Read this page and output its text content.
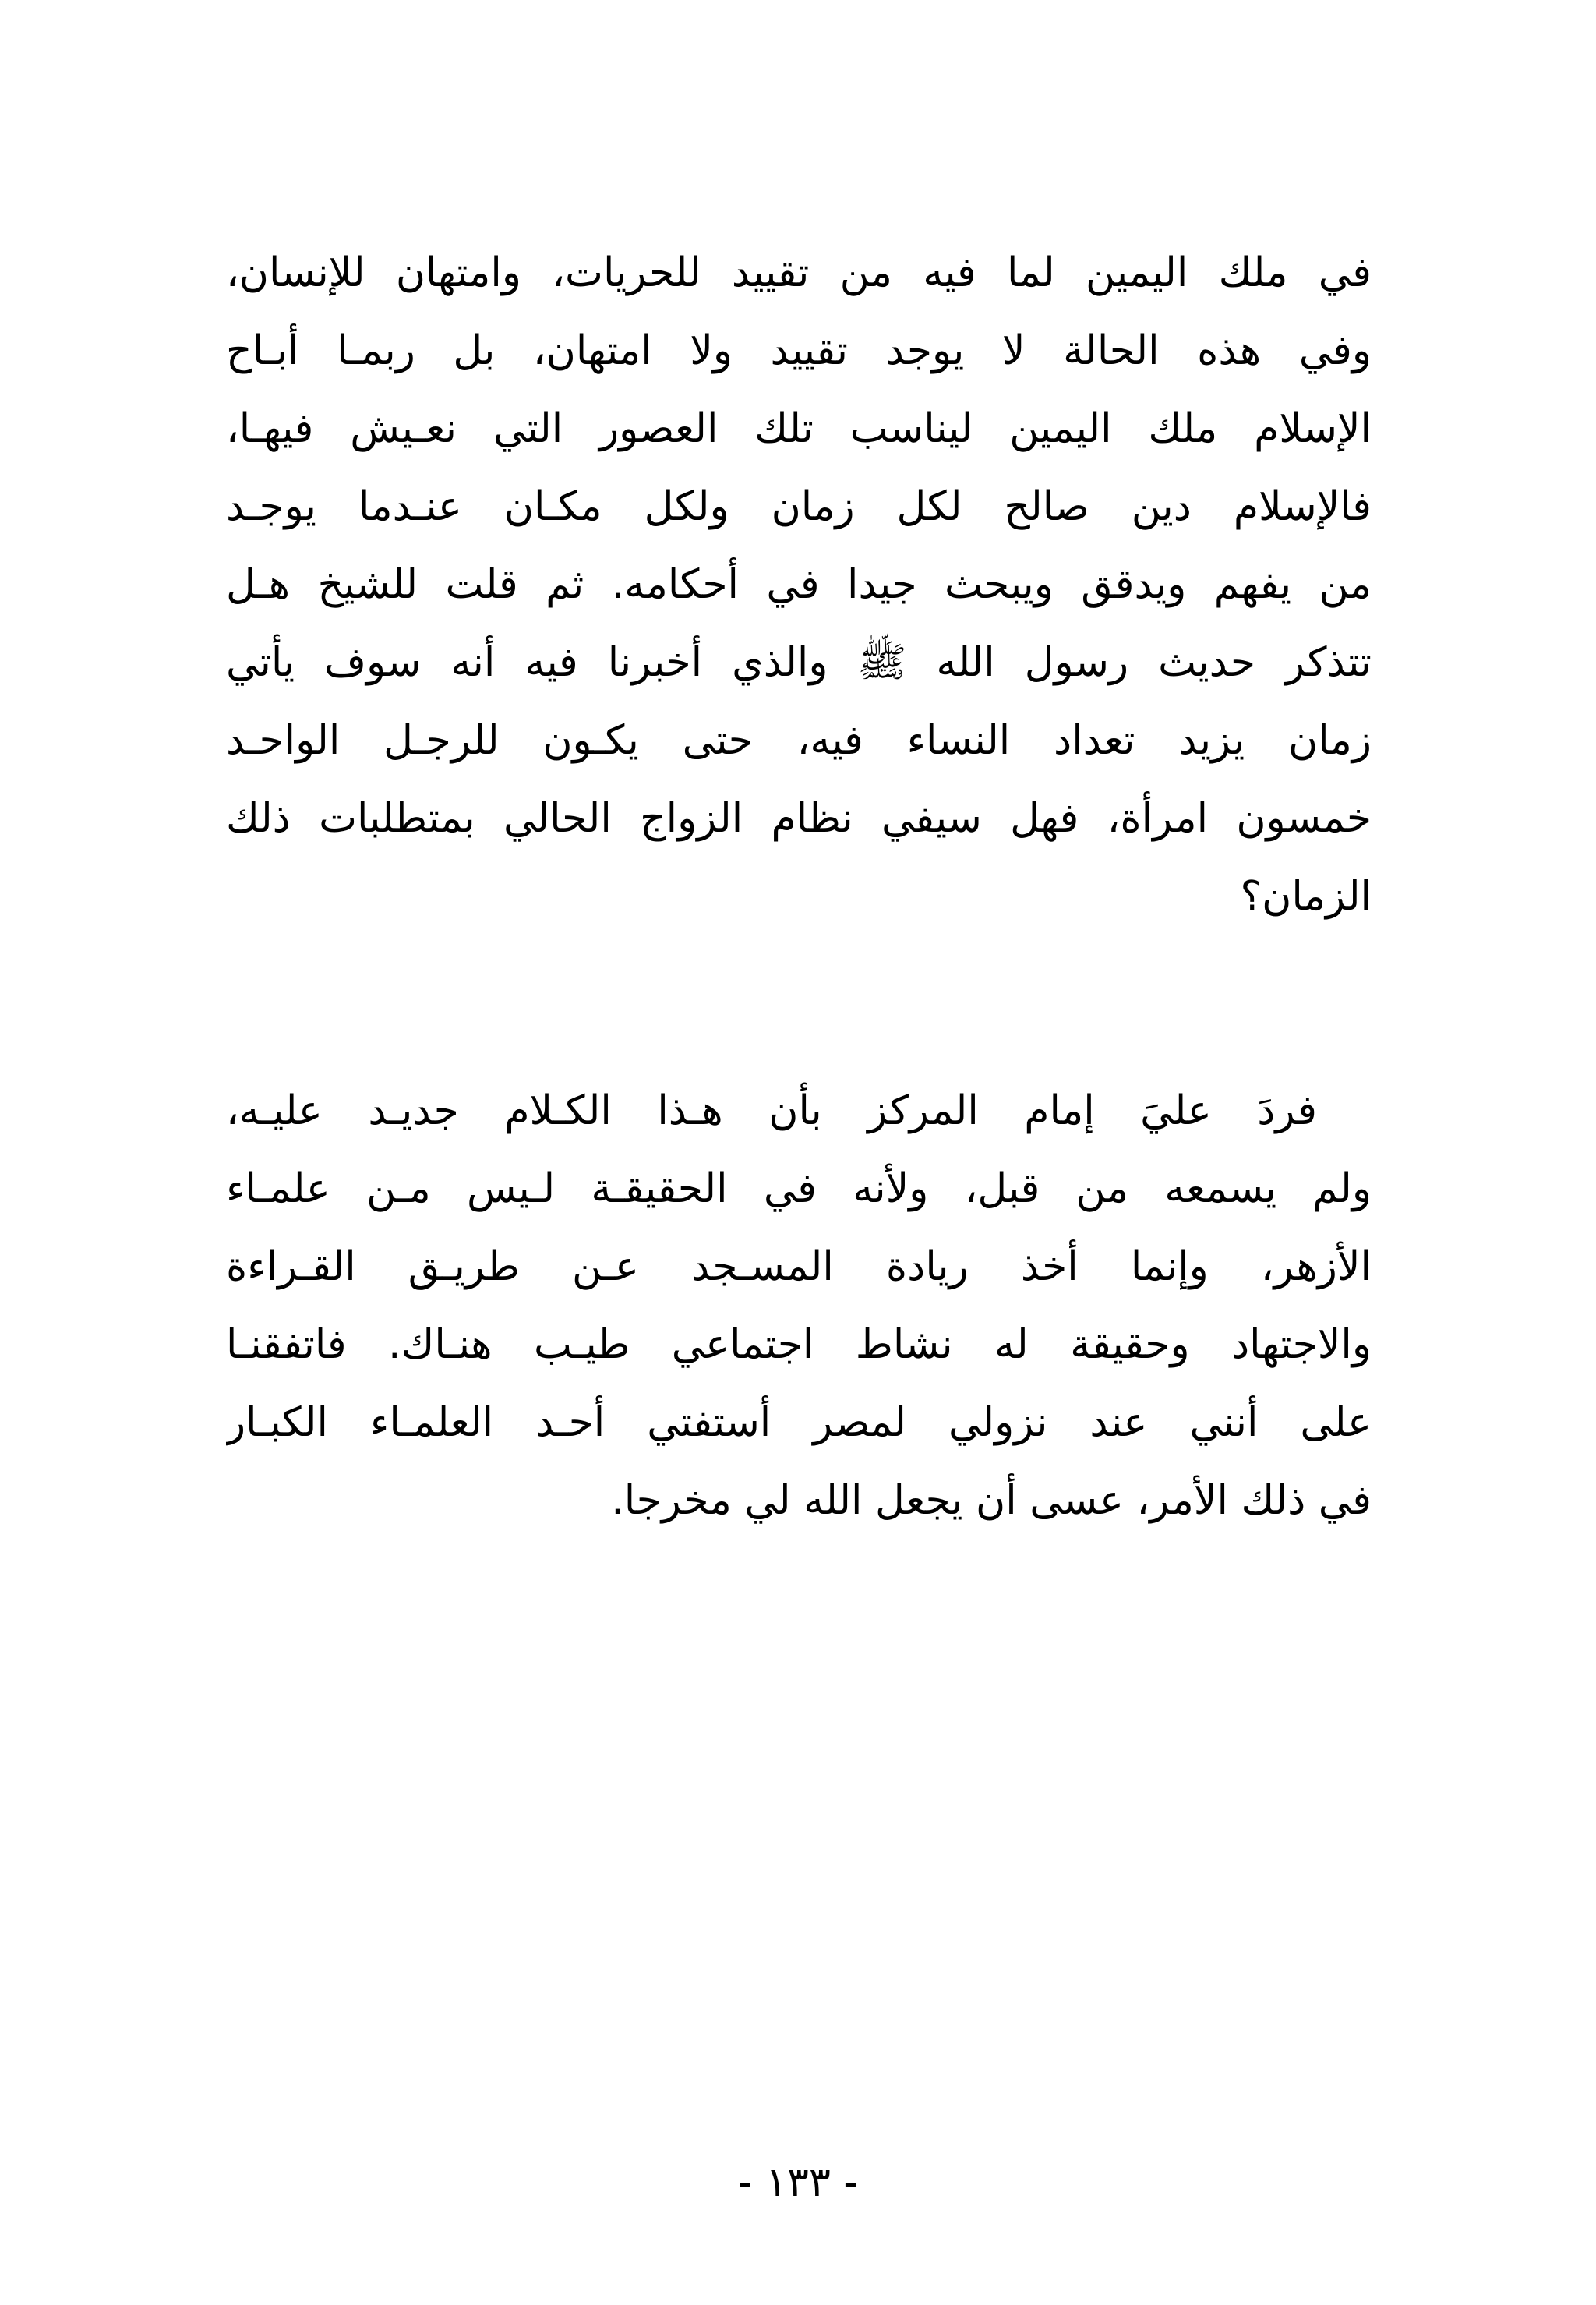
في ملك اليمين لما فيه من تقييد للحريات، وامتهان للإنسان،
وفي هذه الحالة لا يوجد تقييد ولا امتهان، بل ربمـا أبـاح
الإسلام ملك اليمين ليناسب تلك العصور التي نعـيش فيهـا،
فالإسلام دين صالح لكل زمان ولكل مكـان عنـدما يوجـد
من يفهم ويدقق ويبحث جيدا في أحكامه. ثم قلت للشيخ هـل
تتذكر حديث رسول الله ﷺ والذي أخبرنا فيه أنه سوف يأتي
زمان يزيد تعداد النساء فيه، حتى يكـون للرجـل الواحـد
خمسون امرأة، فهل سيفي نظام الزواج الحالي بمتطلبات ذلك
الزمان؟
فردَ عليَ إمام المركز بأن هـذا الكـلام جديـد عليـه،
ولم يسمعه من قبل، ولأنه في الحقيقـة لـيس مـن علمـاء
الأزهر، وإنما أخذ ريادة المسـجد عـن طريـق القـراءة
والاجتهاد وحقيقة له نشاط اجتماعي طيـب هنـاك. فاتفقنـا
على أنني عند نزولي لمصر أستفتي أحـد العلمـاء الكبـار
في ذلك الأمر، عسى أن يجعل الله لي مخرجا.
- ١٣٣ -
